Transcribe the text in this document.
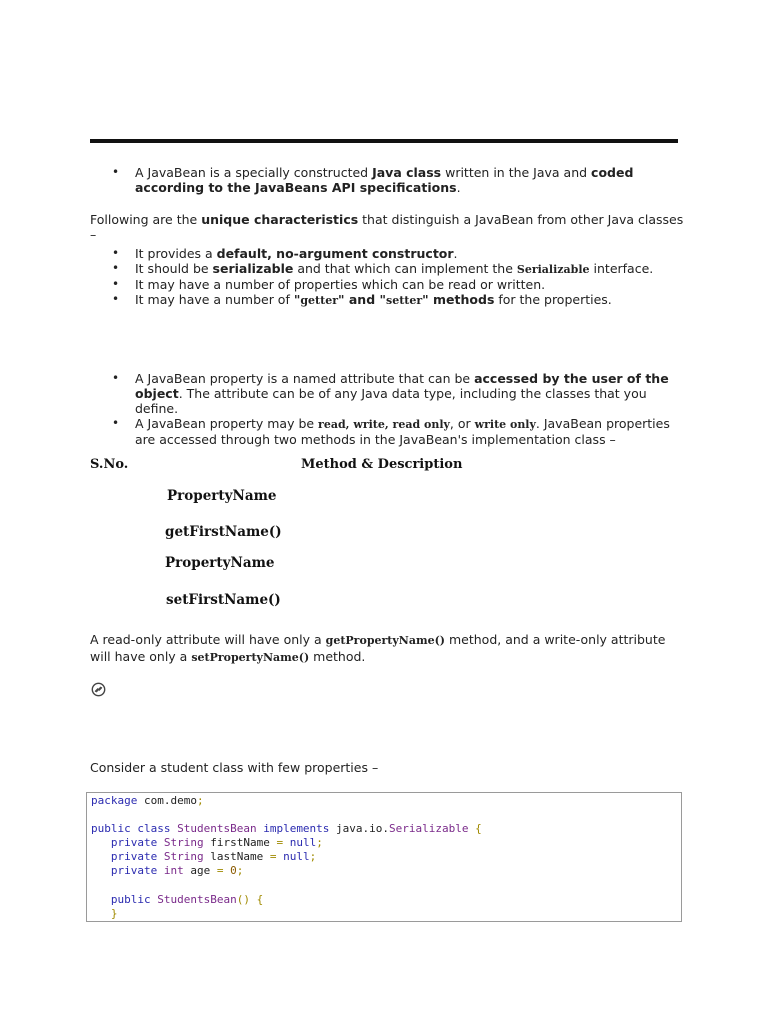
• A JavaBean is a specially constructed Java class written in the Java and coded according to the JavaBeans API specifications.
Following are the unique characteristics that distinguish a JavaBean from other Java classes –
• It provides a default, no-argument constructor.
• It should be serializable and that which can implement the Serializable interface.
• It may have a number of properties which can be read or written.
• It may have a number of "getter" and "setter" methods for the properties.
• A JavaBean property is a named attribute that can be accessed by the user of the object. The attribute can be of any Java data type, including the classes that you define.
• A JavaBean property may be read, write, read only, or write only. JavaBean properties are accessed through two methods in the JavaBean's implementation class –
S.No.	Method & Description
PropertyName
getFirstName()
PropertyName
setFirstName()
A read-only attribute will have only a getPropertyName() method, and a write-only attribute will have only a setPropertyName() method.
Consider a student class with few properties –
package com.demo;

public class StudentsBean implements java.io.Serializable {
private String firstName = null;
private String lastName = null;
private int age = 0;

public StudentsBean() {
}
